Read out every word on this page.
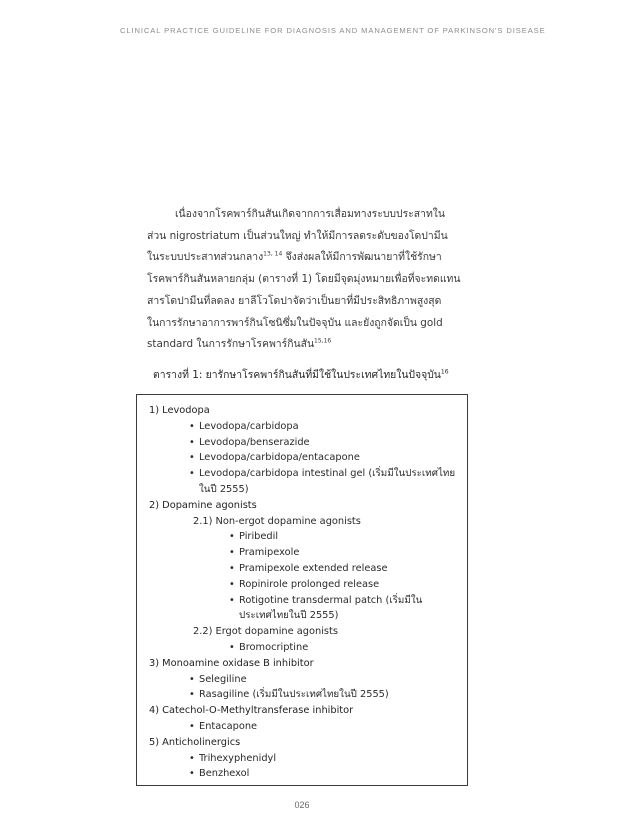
CLINICAL PRACTICE GUIDELINE FOR DIAGNOSIS AND MANAGEMENT OF PARKINSON'S DISEASE
เนื่องจากโรคพาร์กินสันเกิดจากการเสื่อมทางระบบประสาทใน
ส่วน nigrostriatum เป็นส่วนใหญ่ ทำให้มีการลดระดับของโดปามีน
ในระบบประสาทส่วนกลาง$^{13, 14}$ จึงส่งผลให้มีการพัฒนายาที่ใช้รักษา
โรคพาร์กินสันหลายกลุ่ม (ตารางที่ 1) โดยมีจุดมุ่งหมายเพื่อที่จะทดแทน
สารโดปามีนที่ลดลง ยาลีโวโดปาจัดว่าเป็นยาที่มีประสิทธิภาพสูงสุด
ในการรักษาอาการพาร์กินโซนิซึ่มในปัจจุบัน และยังถูกจัดเป็น gold
standard ในการรักษาโรคพาร์กินสัน$^{15,16}$
ตารางที่ 1: ยารักษาโรคพาร์กินสันที่มีใช้ในประเทศไทยในปัจจุบัน$^{16}$
1) Levodopa
• Levodopa/carbidopa
• Levodopa/benserazide
• Levodopa/carbidopa/entacapone
• Levodopa/carbidopa intestinal gel (เริ่มมีในประเทศไทย
ในปี 2555)
2) Dopamine agonists
2.1) Non-ergot dopamine agonists
• Piribedil
• Pramipexole
• Pramipexole extended release
• Ropinirole prolonged release
• Rotigotine transdermal patch (เริ่มมีใน
ประเทศไทยในปี 2555)
2.2) Ergot dopamine agonists
• Bromocriptine
3) Monoamine oxidase B inhibitor
• Selegiline
• Rasagiline (เริ่มมีในประเทศไทยในปี 2555)
4) Catechol-O-Methyltransferase inhibitor
• Entacapone
5) Anticholinergics
• Trihexyphenidyl
• Benzhexol
026
